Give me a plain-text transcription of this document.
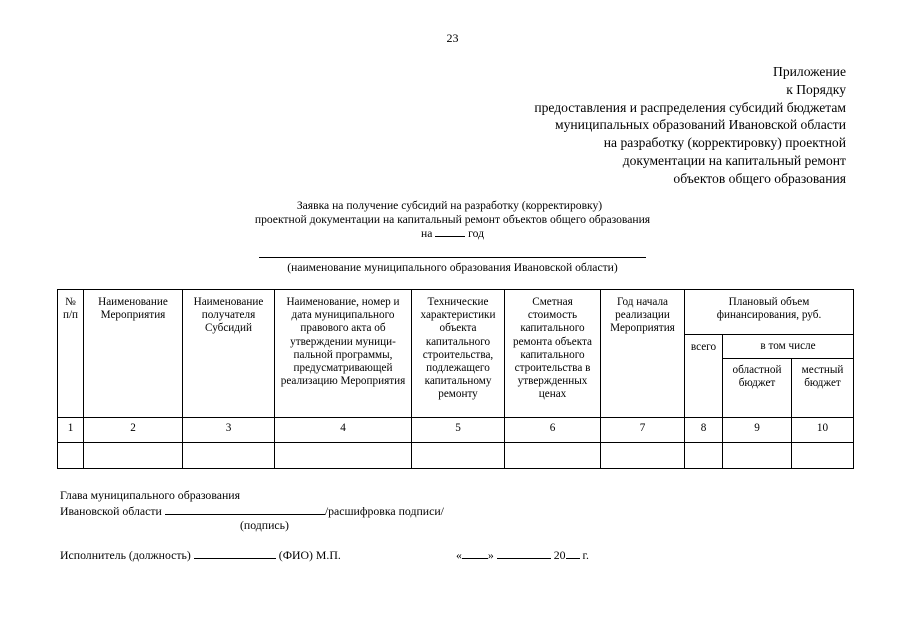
23
Приложение
к Порядку
предоставления и распределения субсидий бюджетам
муниципальных образований Ивановской области
на разработку (корректировку) проектной
документации на капитальный ремонт
объектов общего образования
Заявка на получение субсидий на разработку (корректировку)
проектной документации на капитальный ремонт объектов общего образования
на	год
(наименование муниципального образования Ивановской области)
№ п/п	Наименование Мероприятия	Наименование получателя Субсидий	Наименование, номер и дата муниципального правового акта об утверждении муници-пальной программы, предусматривающей реализацию Мероприятия	Технические характеристики объекта капитального строительства, подлежащего капитальному ремонту	Сметная стоимость капитального ремонта объекта капитального строительства в утвержденных ценах	Год начала реализации Мероприятия	Плановый объем финансирования, руб.		
							всего	в том числе	
								областной бюджет	местный бюджет
1	2	3	4	5	6	7	8	9	10

Глава муниципального образования
Ивановской области	/расшифровка подписи/
(подпись)
Исполнитель (должность)	(ФИО) М.П.	« »	20 г.
